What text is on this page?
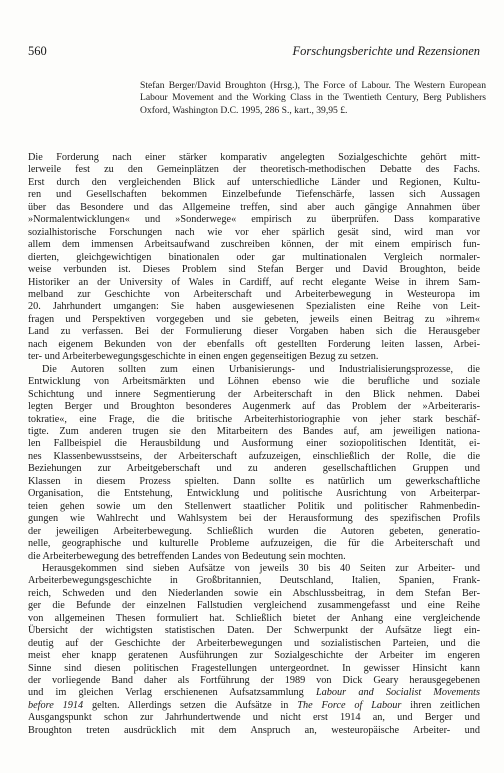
560	Forschungsberichte und Rezensionen
Stefan Berger/David Broughton (Hrsg.), The Force of Labour. The Western European Labour Movement and the Working Class in the Twentieth Century, Berg Publishers Oxford, Washington D.C. 1995, 286 S., kart., 39,95 £.
Die Forderung nach einer stärker komparativ angelegten Sozialgeschichte gehört mitt-
lerweile fest zu den Gemeinplätzen der theoretisch-methodischen Debatte des Fachs.
Erst durch den vergleichenden Blick auf unterschiedliche Länder und Regionen, Kultu-
ren und Gesellschaften bekommen Einzelbefunde Tiefenschärfe, lassen sich Aussagen
über das Besondere und das Allgemeine treffen, sind aber auch gängige Annahmen über
»Normalentwicklungen« und »Sonderwege« empirisch zu überprüfen. Dass komparative
sozialhistorische Forschungen nach wie vor eher spärlich gesät sind, wird man vor
allem dem immensen Arbeitsaufwand zuschreiben können, der mit einem empirisch fun-
dierten, gleichgewichtigen binationalen oder gar multinationalen Vergleich normaler-
weise verbunden ist. Dieses Problem sind Stefan Berger und David Broughton, beide
Historiker an der University of Wales in Cardiff, auf recht elegante Weise in ihrem Sam-
melband zur Geschichte von Arbeiterschaft und Arbeiterbewegung in Westeuropa im
20. Jahrhundert umgangen: Sie haben ausgewiesenen Spezialisten eine Reihe von Leit-
fragen und Perspektiven vorgegeben und sie gebeten, jeweils einen Beitrag zu »ihrem«
Land zu verfassen. Bei der Formulierung dieser Vorgaben haben sich die Herausgeber
nach eigenem Bekunden von der ebenfalls oft gestellten Forderung leiten lassen, Arbei-
ter- und Arbeiterbewegungsgeschichte in einen engen gegenseitigen Bezug zu setzen.
Die Autoren sollten zum einen Urbanisierungs- und Industrialisierungsprozesse, die
Entwicklung von Arbeitsmärkten und Löhnen ebenso wie die berufliche und soziale
Schichtung und innere Segmentierung der Arbeiterschaft in den Blick nehmen. Dabei
legten Berger und Broughton besonderes Augenmerk auf das Problem der »Arbeiteraris-
tokratie«, eine Frage, die die britische Arbeiterhistoriographie von jeher stark beschäf-
tigte. Zum anderen trugen sie den Mitarbeitern des Bandes auf, am jeweiligen nationa-
len Fallbeispiel die Herausbildung und Ausformung einer soziopolitischen Identität, ei-
nes Klassenbewusstseins, der Arbeiterschaft aufzuzeigen, einschließlich der Rolle, die die
Beziehungen zur Arbeitgeberschaft und zu anderen gesellschaftlichen Gruppen und
Klassen in diesem Prozess spielten. Dann sollte es natürlich um gewerkschaftliche
Organisation, die Entstehung, Entwicklung und politische Ausrichtung von Arbeiterpar-
teien gehen sowie um den Stellenwert staatlicher Politik und politischer Rahmenbedin-
gungen wie Wahlrecht und Wahlsystem bei der Herausformung des spezifischen Profils
der jeweiligen Arbeiterbewegung. Schließlich wurden die Autoren gebeten, generatio-
nelle, geographische und kulturelle Probleme aufzuzeigen, die für die Arbeiterschaft und
die Arbeiterbewegung des betreffenden Landes von Bedeutung sein mochten.
Herausgekommen sind sieben Aufsätze von jeweils 30 bis 40 Seiten zur Arbeiter- und
Arbeiterbewegungsgeschichte in Großbritannien, Deutschland, Italien, Spanien, Frank-
reich, Schweden und den Niederlanden sowie ein Abschlussbeitrag, in dem Stefan Ber-
ger die Befunde der einzelnen Fallstudien vergleichend zusammengefasst und eine Reihe
von allgemeinen Thesen formuliert hat. Schließlich bietet der Anhang eine vergleichende
Übersicht der wichtigsten statistischen Daten. Der Schwerpunkt der Aufsätze liegt ein-
deutig auf der Geschichte der Arbeiterbewegungen und sozialistischen Parteien, und die
meist eher knapp geratenen Ausführungen zur Sozialgeschichte der Arbeiter im engeren
Sinne sind diesen politischen Fragestellungen untergeordnet. In gewisser Hinsicht kann
der vorliegende Band daher als Fortführung der 1989 von Dick Geary herausgegebenen
und im gleichen Verlag erschienenen Aufsatzsammlung Labour and Socialist Movements
before 1914 gelten. Allerdings setzen die Aufsätze in The Force of Labour ihren zeitlichen
Ausgangspunkt schon zur Jahrhundertwende und nicht erst 1914 an, und Berger und
Broughton treten ausdrücklich mit dem Anspruch an, westeuropäische Arbeiter- und
